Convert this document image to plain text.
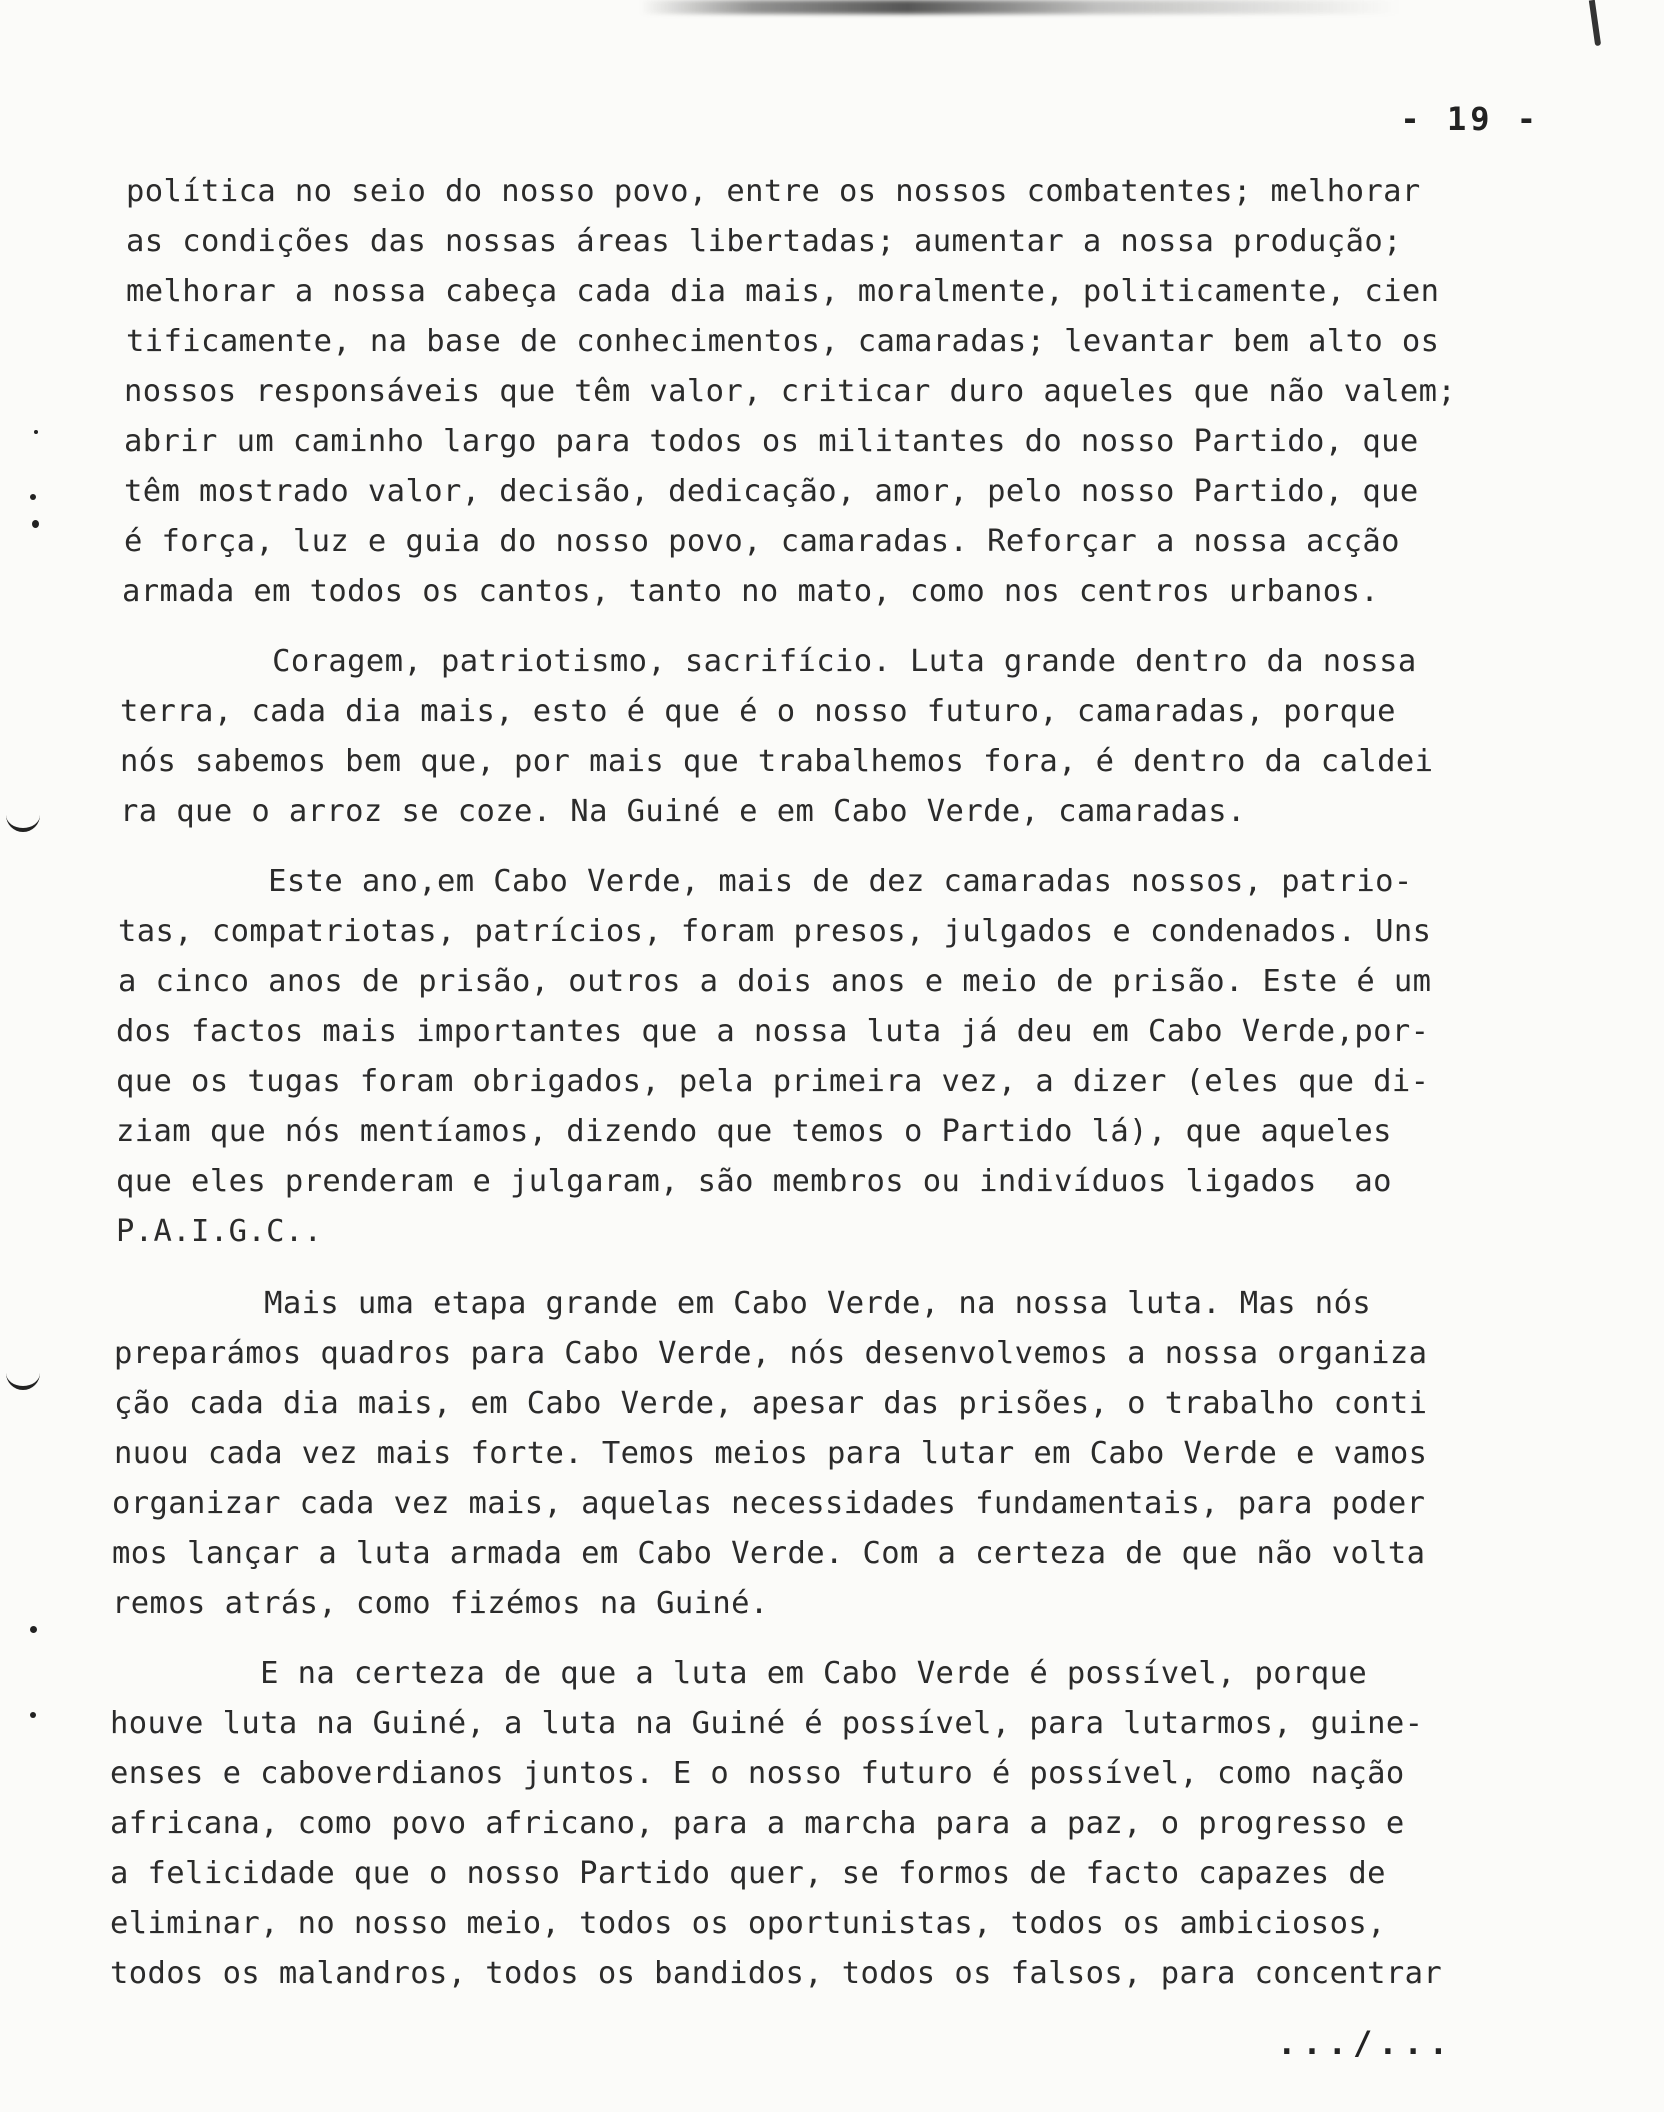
- 19 -
política no seio do nosso povo, entre os nossos combatentes; melhorar
as condições das nossas áreas libertadas; aumentar a nossa produção;
melhorar a nossa cabeça cada dia mais, moralmente, politicamente, cien
tificamente, na base de conhecimentos, camaradas; levantar bem alto os
nossos responsáveis que têm valor, criticar duro aqueles que não valem;
abrir um caminho largo para todos os militantes do nosso Partido, que
têm mostrado valor, decisão, dedicação, amor, pelo nosso Partido, que
é força, luz e guia do nosso povo, camaradas. Reforçar a nossa acção
armada em todos os cantos, tanto no mato, como nos centros urbanos.
Coragem, patriotismo, sacrifício. Luta grande dentro da nossa
terra, cada dia mais, esto é que é o nosso futuro, camaradas, porque
nós sabemos bem que, por mais que trabalhemos fora, é dentro da caldei
ra que o arroz se coze. Na Guiné e em Cabo Verde, camaradas.
Este ano,em Cabo Verde, mais de dez camaradas nossos, patrio-
tas, compatriotas, patrícios, foram presos, julgados e condenados. Uns
a cinco anos de prisão, outros a dois anos e meio de prisão. Este é um
dos factos mais importantes que a nossa luta já deu em Cabo Verde,por-
que os tugas foram obrigados, pela primeira vez, a dizer (eles que di-
ziam que nós mentíamos, dizendo que temos o Partido lá), que aqueles
que eles prenderam e julgaram, são membros ou indivíduos ligados  ao
P.A.I.G.C..
Mais uma etapa grande em Cabo Verde, na nossa luta. Mas nós
preparámos quadros para Cabo Verde, nós desenvolvemos a nossa organiza
ção cada dia mais, em Cabo Verde, apesar das prisões, o trabalho conti
nuou cada vez mais forte. Temos meios para lutar em Cabo Verde e vamos
organizar cada vez mais, aquelas necessidades fundamentais, para poder
mos lançar a luta armada em Cabo Verde. Com a certeza de que não volta
remos atrás, como fizémos na Guiné.
E na certeza de que a luta em Cabo Verde é possível, porque
houve luta na Guiné, a luta na Guiné é possível, para lutarmos, guine-
enses e caboverdianos juntos. E o nosso futuro é possível, como nação
africana, como povo africano, para a marcha para a paz, o progresso e
a felicidade que o nosso Partido quer, se formos de facto capazes de
eliminar, no nosso meio, todos os oportunistas, todos os ambiciosos,
todos os malandros, todos os bandidos, todos os falsos, para concentrar
.../...
